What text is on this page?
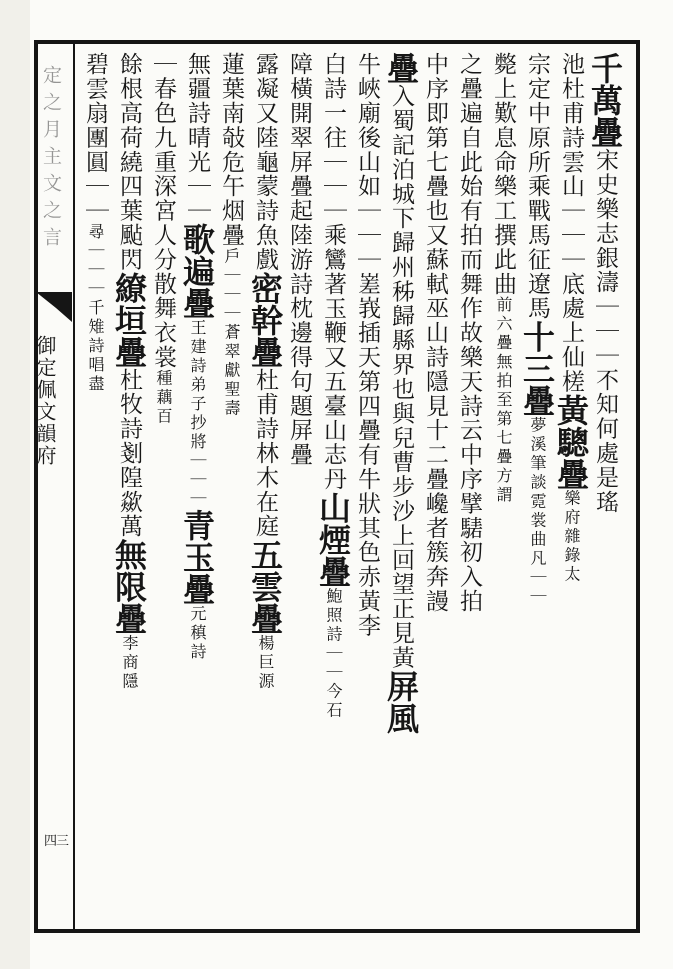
定之月主文之言
御定佩文韻府
四三
千萬疊宋史樂志銀濤｜｜｜不知何處是瑤
池杜甫詩雲山｜｜｜底處上仙槎黃驄疊樂府雜錄太
宗定中原所乘戰馬征遼馬十三疊夢溪筆談霓裳曲凡｜｜
斃上歎息命樂工撰此曲前六疊無拍至第七疊方謂
之疊遍自此始有拍而舞作故樂天詩云中序擘騞初入拍
中序即第七疊也又蘇軾巫山詩隱見十二疊巉者簇奔謾
疊入蜀記泊城下歸州秭歸縣界也與兒曹步沙上回望正見黃屏風
牛峽廟後山如｜｜｜嵳峩插天第四疊有牛狀其色赤黃李
白詩一往｜｜｜乘鸞著玉鞭又五臺山志丹山煙疊鮑照詩｜｜今石
障橫開翠屏疊起陸游詩枕邊得句題屏疊
露凝又陸龜蒙詩魚戲密幹疊杜甫詩林木在庭五雲疊楊巨源
蓮葉南敧危午烟疊戶｜｜｜蒼翠獻聖壽
無疆詩晴光｜｜歌遍疊王建詩弟子抄將｜｜｜青玉疊元稹詩
｜春色九重深宮人分散舞衣裳種藕百
餘根高荷繞四葉颭閃繚垣疊杜牧詩剗隍歘萬無限疊李商隱
碧雲扇團圓｜｜尋｜｜｜千雉詩唱盡
